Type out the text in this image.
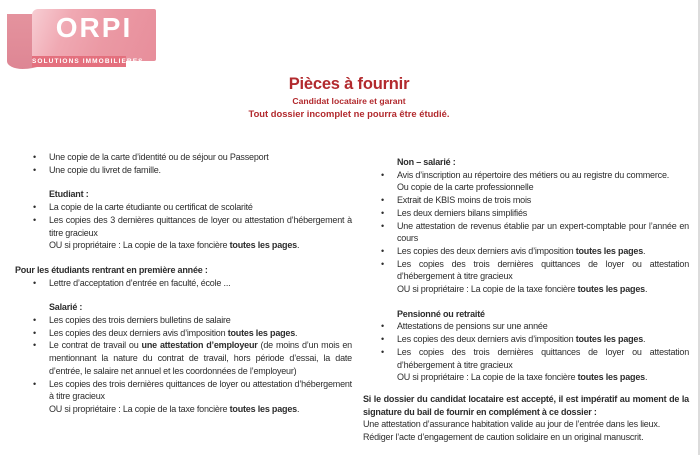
ORPI
SOLUTIONS IMMOBILIERES
Pièces à fournir
Candidat locataire et garant
Tout dossier incomplet ne pourra être étudié.
•	Une copie de la carte d’identité ou de séjour ou Passeport
•	Une copie du livret de famille.
Etudiant :
•	La copie de la carte étudiante ou certificat de scolarité
•	Les copies des 3 dernières quittances de loyer ou attestation d’hébergement à titre gracieux
OU si propriétaire : La copie de la taxe foncière toutes les pages.
Pour les étudiants rentrant en première année :
•	Lettre d’acceptation d’entrée en faculté, école ...
Salarié :
•	Les copies des trois derniers bulletins de salaire
•	Les copies des deux derniers avis d’imposition toutes les pages.
•	Le contrat de travail ou une attestation d’employeur (de moins d’un mois en mentionnant la nature du contrat de travail, hors période d’essai, la date d’entrée, le salaire net annuel et les coordonnées de l’employeur)
•	Les copies des trois dernières quittances de loyer ou attestation d’hébergement à titre gracieux
OU si propriétaire : La copie de la taxe foncière toutes les pages.
Non – salarié :
•	Avis d’inscription au répertoire des métiers ou au registre du commerce.
Ou copie de la carte professionnelle
•	Extrait de KBIS moins de trois mois
•	Les deux derniers bilans simplifiés
•	Une attestation de revenus établie par un expert-comptable pour l’année en cours
•	Les copies des deux derniers avis d’imposition toutes les pages.
•	Les copies des trois dernières quittances de loyer ou attestation d’hébergement à titre gracieux
OU si propriétaire : La copie de la taxe foncière toutes les pages.
Pensionné ou retraité
•	Attestations de pensions sur une année
•	Les copies des deux derniers avis d’imposition toutes les pages.
•	Les copies des trois dernières quittances de loyer ou attestation d’hébergement à titre gracieux
OU si propriétaire : La copie de la taxe foncière toutes les pages.
Si le dossier du candidat locataire est accepté, il est impératif au moment de la signature du bail de fournir en complément à ce dossier :
Une attestation d’assurance habitation valide au jour de l’entrée dans les lieux.
Rédiger l’acte d’engagement de caution solidaire en un original manuscrit.
